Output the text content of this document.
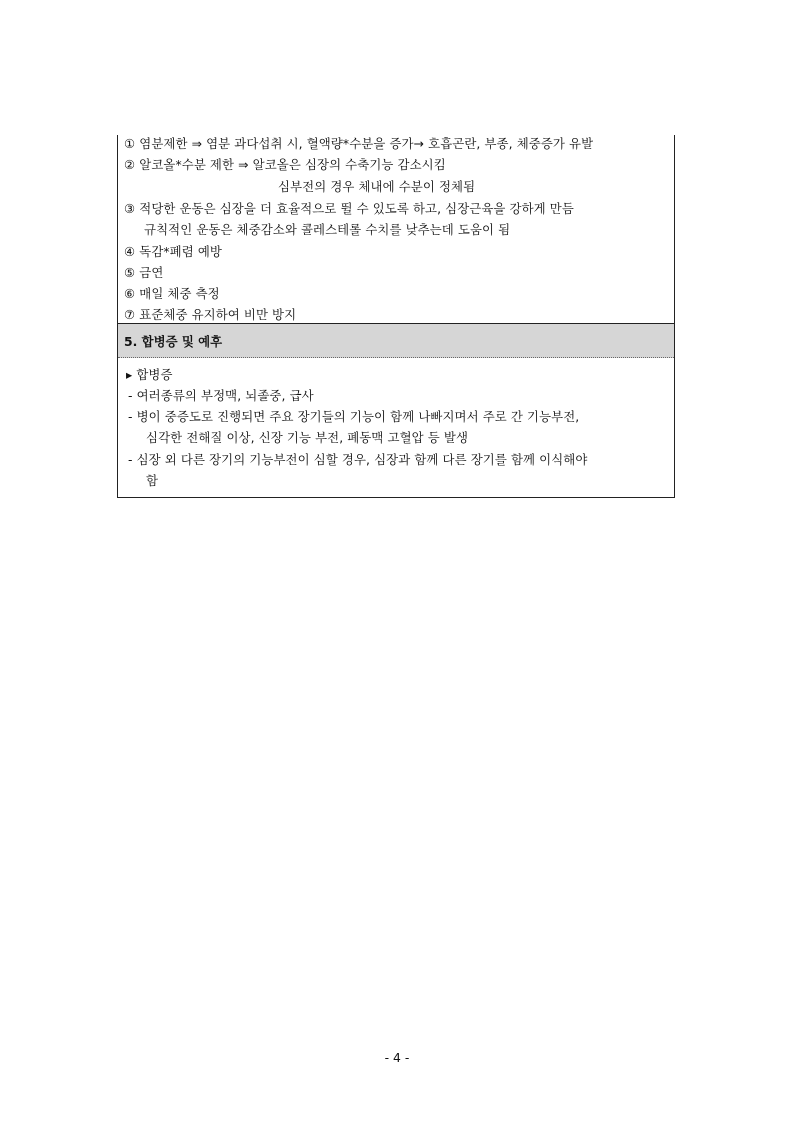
① 염분제한 ⇒ 염분 과다섭취 시, 혈액량*수분을 증가→ 호흡곤란, 부종, 체중증가 유발
② 알코올*수분 제한 ⇒ 알코올은 심장의 수축기능 감소시킴
심부전의 경우 체내에 수분이 정체됨
③ 적당한 운동은 심장을 더 효율적으로 뛸 수 있도록 하고, 심장근육을 강하게 만듬
규칙적인 운동은 체중감소와 콜레스테롤 수치를 낮추는데 도움이 됨
④ 독감*폐렴 예방
⑤ 금연
⑥ 매일 체중 측정
⑦ 표준체중 유지하여 비만 방지
5. 합병증 및 예후
▸ 합병증
- 여러종류의 부정맥, 뇌졸중, 급사
- 병이 중증도로 진행되면 주요 장기들의 기능이 함께 나빠지며서 주로 간 기능부전,
심각한 전해질 이상, 신장 기능 부전, 폐동맥 고혈압 등 발생
- 심장 외 다른 장기의 기능부전이 심할 경우, 심장과 함께 다른 장기를 함께 이식해야
함
- 4 -
